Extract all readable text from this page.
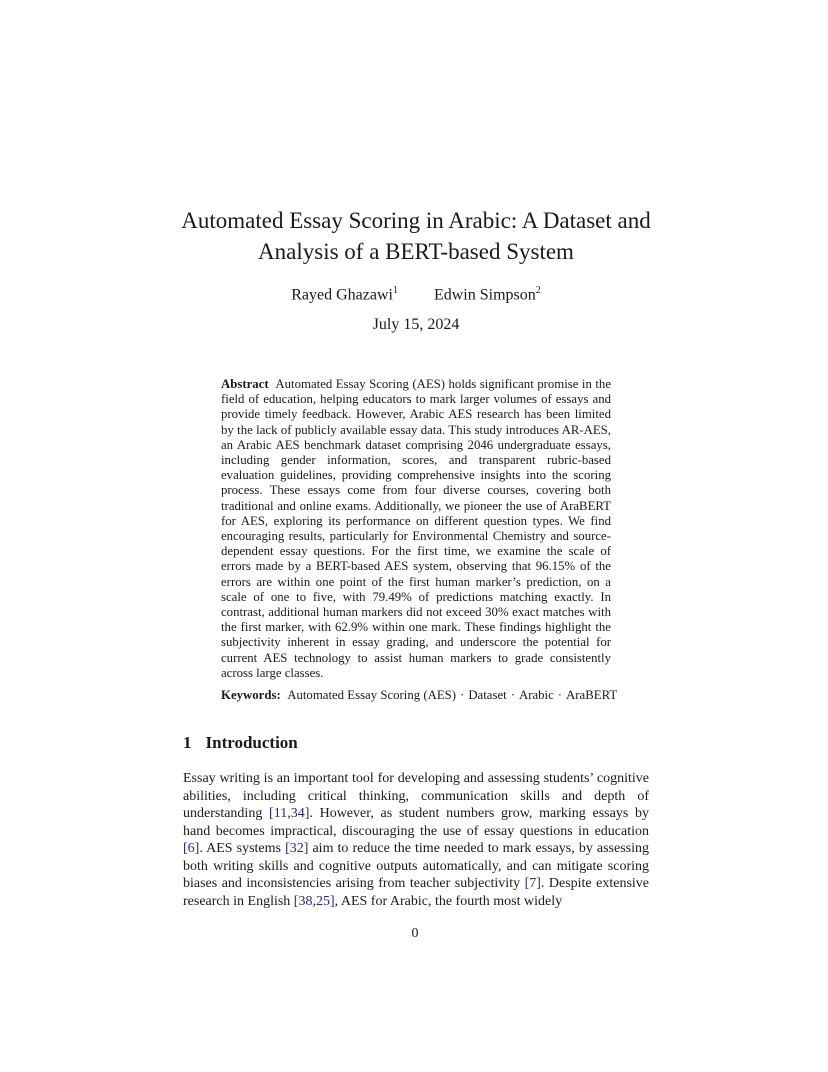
Automated Essay Scoring in Arabic: A Dataset and Analysis of a BERT-based System
Rayed Ghazawi$^1$ Edwin Simpson$^2$
July 15, 2024
Abstract Automated Essay Scoring (AES) holds significant promise in the field of education, helping educators to mark larger volumes of essays and provide timely feedback. However, Arabic AES research has been limited by the lack of publicly available essay data. This study introduces AR-AES, an Arabic AES benchmark dataset comprising 2046 undergraduate essays, including gender information, scores, and transparent rubric-based evaluation guidelines, providing comprehensive insights into the scoring process. These essays come from four diverse courses, covering both traditional and online exams. Additionally, we pioneer the use of AraBERT for AES, exploring its performance on different question types. We find encouraging results, particularly for Environmental Chemistry and source-dependent essay questions. For the first time, we examine the scale of errors made by a BERT-based AES system, observing that 96.15% of the errors are within one point of the first human marker’s prediction, on a scale of one to five, with 79.49% of predictions matching exactly. In contrast, additional human markers did not exceed 30% exact matches with the first marker, with 62.9% within one mark. These findings highlight the subjectivity inherent in essay grading, and underscore the potential for current AES technology to assist human markers to grade consistently across large classes.
Keywords: Automated Essay Scoring (AES) · Dataset · Arabic · AraBERT
1 Introduction

Essay writing is an important tool for developing and assessing students’ cognitive abilities, including critical thinking, communication skills and depth of understanding [11,34]. However, as student numbers grow, marking essays by hand becomes impractical, discouraging the use of essay questions in education [6]. AES systems [32] aim to reduce the time needed to mark essays, by assessing both writing skills and cognitive outputs automatically, and can mitigate scoring biases and inconsistencies arising from teacher subjectivity [7]. Despite extensive research in English [38,25], AES for Arabic, the fourth most widely

0
